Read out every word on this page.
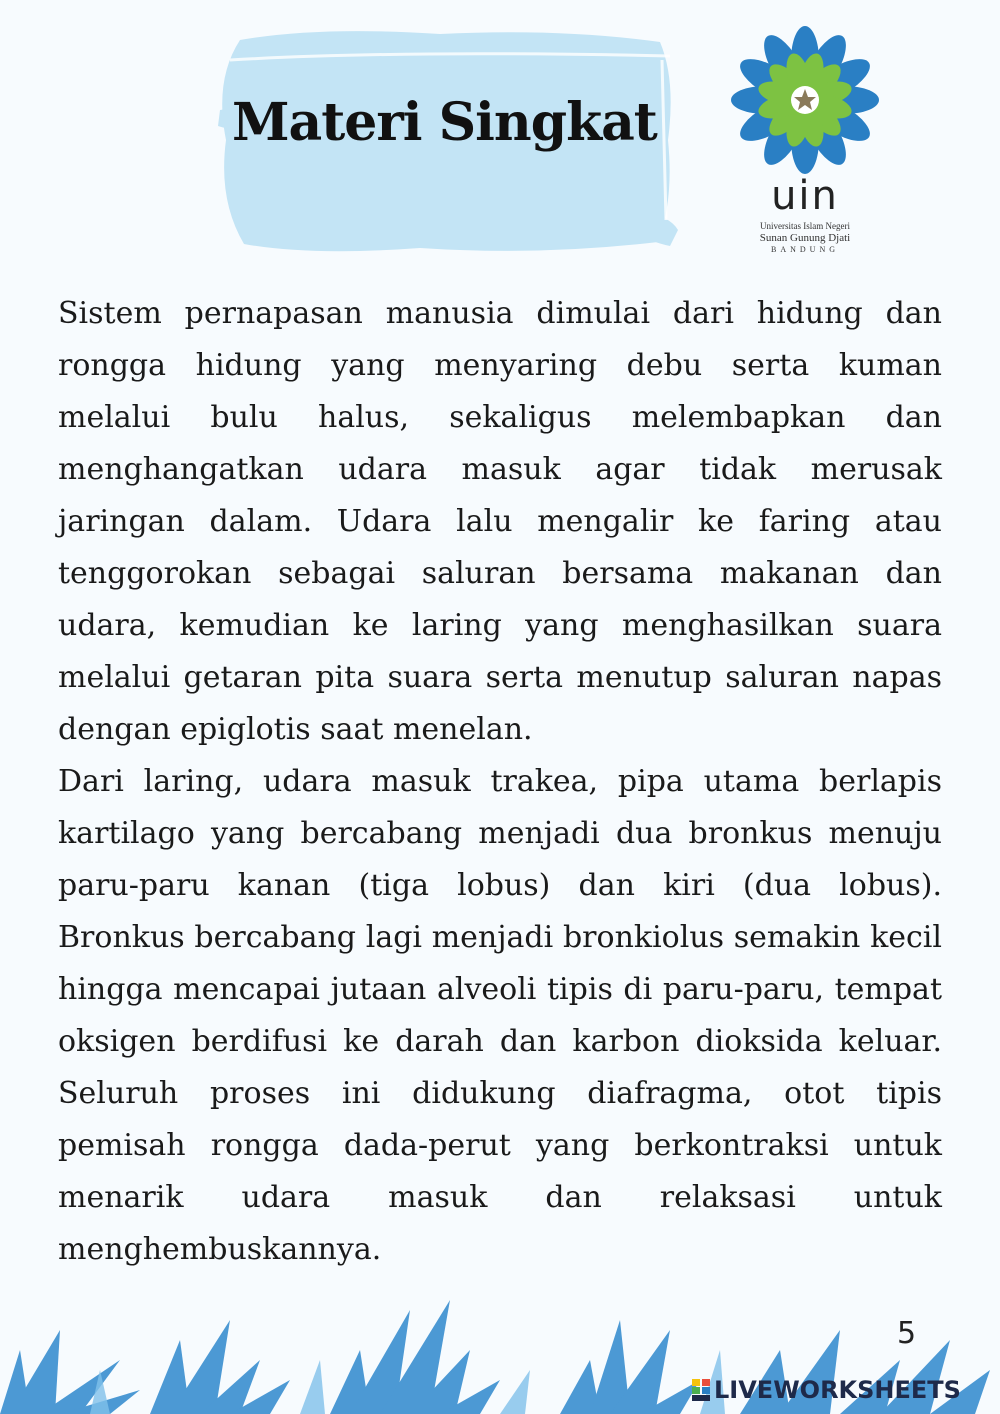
Materi Singkat
uin
Universitas Islam Negeri
Sunan Gunung Djati
BANDUNG

Sistem pernapasan manusia dimulai dari hidung dan rongga hidung yang menyaring debu serta kuman melalui bulu halus, sekaligus melembapkan dan menghangatkan udara masuk agar tidak merusak jaringan dalam. Udara lalu mengalir ke faring atau tenggorokan sebagai saluran bersama makanan dan udara, kemudian ke laring yang menghasilkan suara melalui getaran pita suara serta menutup saluran napas dengan epiglotis saat menelan.

Dari laring, udara masuk trakea, pipa utama berlapis kartilago yang bercabang menjadi dua bronkus menuju paru-paru kanan (tiga lobus) dan kiri (dua lobus). Bronkus bercabang lagi menjadi bronkiolus semakin kecil hingga mencapai jutaan alveoli tipis di paru-paru, tempat oksigen berdifusi ke darah dan karbon dioksida keluar. Seluruh proses ini didukung diafragma, otot tipis pemisah rongga dada-perut yang berkontraksi untuk menarik udara masuk dan relaksasi untuk menghembuskannya.

5
LIVEWORKSHEETS
